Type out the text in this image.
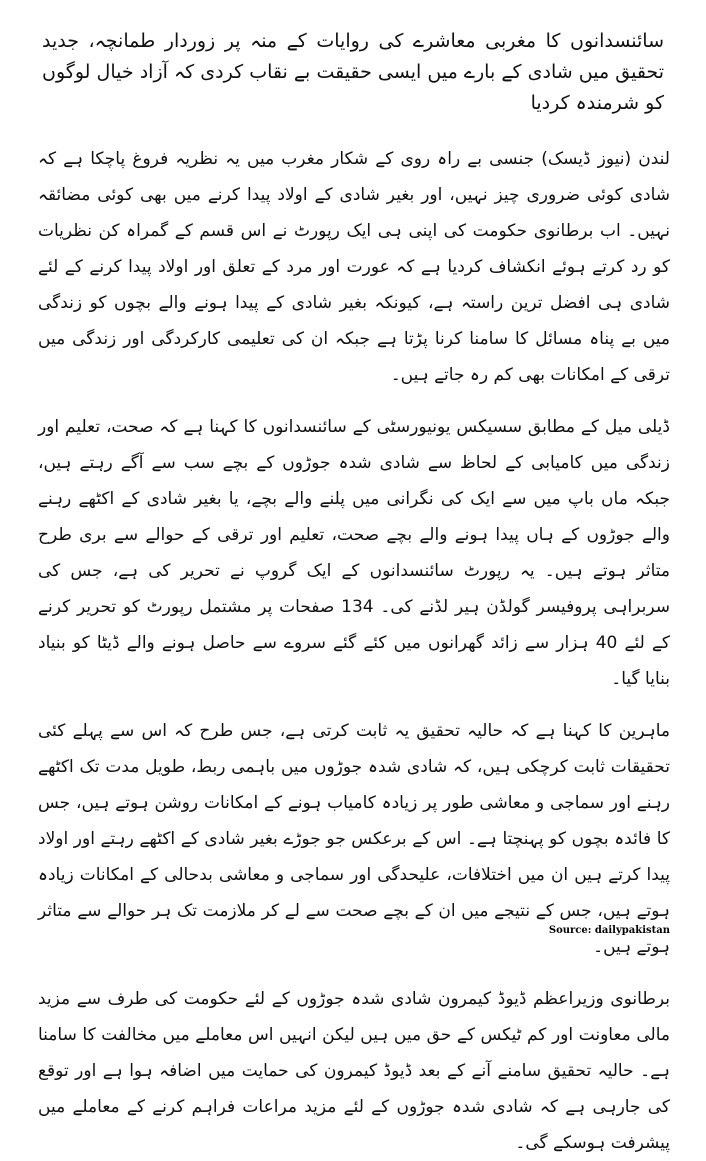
سائنسدانوں کا مغربی معاشرے کی روایات کے منہ پر زوردار طمانچہ، جدید تحقیق میں شادی کے بارے میں ایسی حقیقت بے نقاب کردی کہ آزاد خیال لوگوں کو شرمندہ کردیا

لندن (نیوز ڈیسک) جنسی بے راہ روی کے شکار مغرب میں یہ نظریہ فروغ پاچکا ہے کہ شادی کوئی ضروری چیز نہیں، اور بغیر شادی کے اولاد پیدا کرنے میں بھی کوئی مضائقہ نہیں۔ اب برطانوی حکومت کی اپنی ہی ایک رپورٹ نے اس قسم کے گمراہ کن نظریات کو رد کرتے ہوئے انکشاف کردیا ہے کہ عورت اور مرد کے تعلق اور اولاد پیدا کرنے کے لئے شادی ہی افضل ترین راستہ ہے، کیونکہ بغیر شادی کے پیدا ہونے والے بچوں کو زندگی میں بے پناہ مسائل کا سامنا کرنا پڑتا ہے جبکہ ان کی تعلیمی کارکردگی اور زندگی میں ترقی کے امکانات بھی کم رہ جاتے ہیں۔

ڈیلی میل کے مطابق سسیکس یونیورسٹی کے سائنسدانوں کا کہنا ہے کہ صحت، تعلیم اور زندگی میں کامیابی کے لحاظ سے شادی شدہ جوڑوں کے بچے سب سے آگے رہتے ہیں، جبکہ ماں باپ میں سے ایک کی نگرانی میں پلنے والے بچے، یا بغیر شادی کے اکٹھے رہنے والے جوڑوں کے ہاں پیدا ہونے والے بچے صحت، تعلیم اور ترقی کے حوالے سے بری طرح متاثر ہوتے ہیں۔ یہ رپورٹ سائنسدانوں کے ایک گروپ نے تحریر کی ہے، جس کی سربراہی پروفیسر گولڈن ہیر لڈنے کی۔ 134 صفحات پر مشتمل رپورٹ کو تحریر کرنے کے لئے 40 ہزار سے زائد گھرانوں میں کئے گئے سروے سے حاصل ہونے والے ڈیٹا کو بنیاد بنایا گیا۔

ماہرین کا کہنا ہے کہ حالیہ تحقیق یہ ثابت کرتی ہے، جس طرح کہ اس سے پہلے کئی تحقیقات ثابت کرچکی ہیں، کہ شادی شدہ جوڑوں میں باہمی ربط، طویل مدت تک اکٹھے رہنے اور سماجی و معاشی طور پر زیادہ کامیاب ہونے کے امکانات روشن ہوتے ہیں، جس کا فائدہ بچوں کو پہنچتا ہے۔ اس کے برعکس جو جوڑے بغیر شادی کے اکٹھے رہتے اور اولاد پیدا کرتے ہیں ان میں اختلافات، علیحدگی اور سماجی و معاشی بدحالی کے امکانات زیادہ ہوتے ہیں، جس کے نتیجے میں ان کے بچے صحت سے لے کر ملازمت تک ہر حوالے سے متاثر ہوتے ہیں۔

برطانوی وزیراعظم ڈیوڈ کیمرون شادی شدہ جوڑوں کے لئے حکومت کی طرف سے مزید مالی معاونت اور کم ٹیکس کے حق میں ہیں لیکن انہیں اس معاملے میں مخالفت کا سامنا ہے۔ حالیہ تحقیق سامنے آنے کے بعد ڈیوڈ کیمرون کی حمایت میں اضافہ ہوا ہے اور توقع کی جارہی ہے کہ شادی شدہ جوڑوں کے لئے مزید مراعات فراہم کرنے کے معاملے میں پیشرفت ہوسکے گی۔

Source: dailypakistan
